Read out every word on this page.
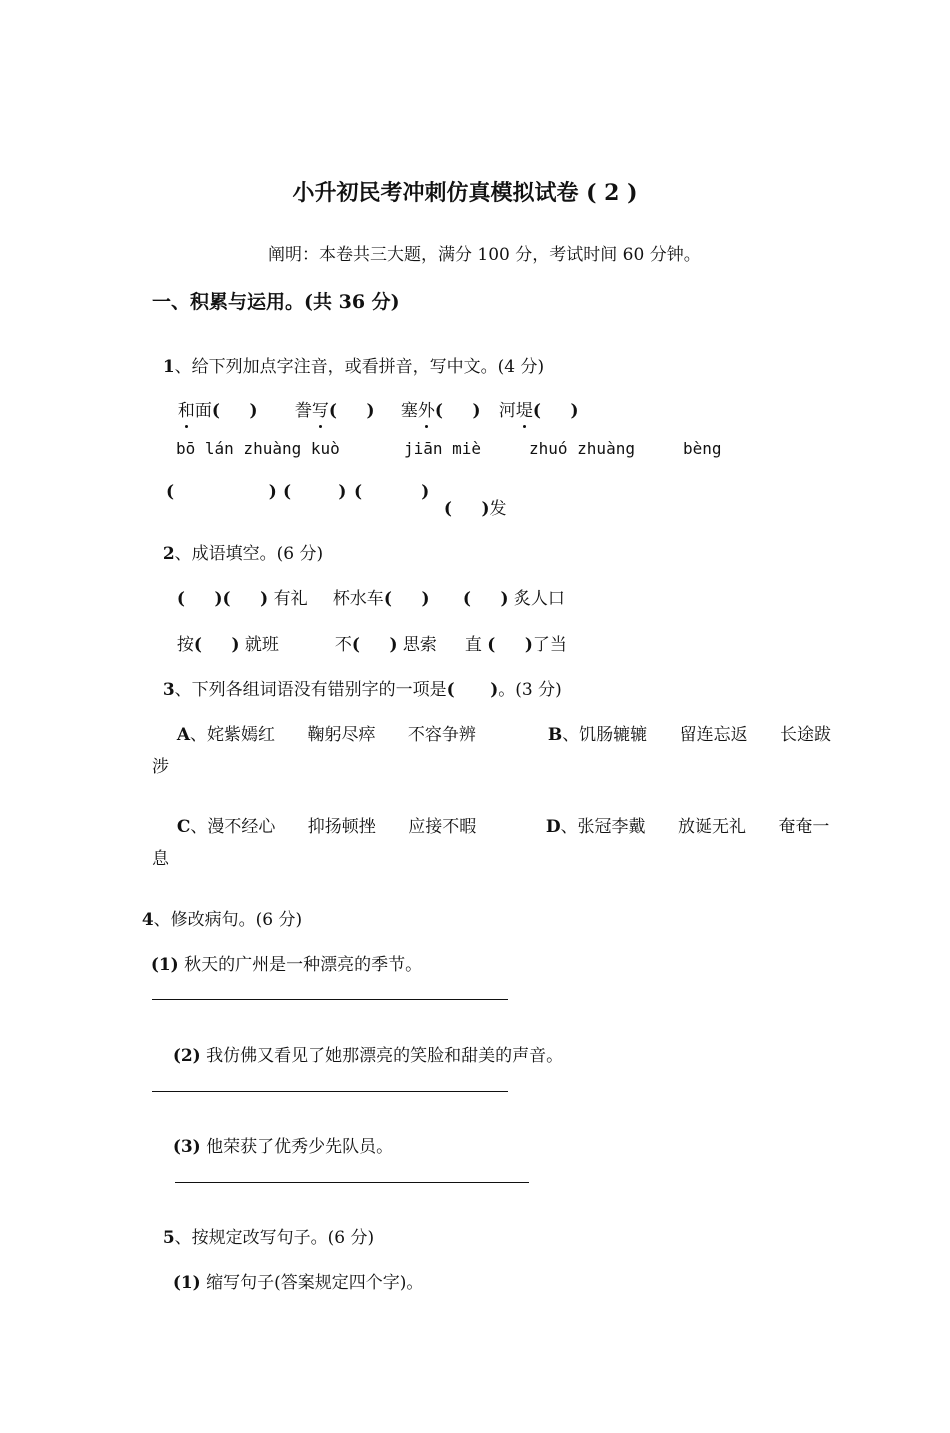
小升初民考冲刺仿真模拟试卷 ( 2 )
阐明：本卷共三大题，满分 100 分，考试时间 60 分钟。
一、积累与运用。(共 36 分)

1、给下列加点字注音，或看拼音，写中文。(4 分)

和面(     )	誊写(     )	塞外(     )	河堤(     )

bō lán zhuàng kuò	jiān miè	zhuó zhuàng	bèng
(                ) (        ) (          )

(     )发

2、成语填空。(6 分)

(     )(     ) 有礼	杯水车(     )	(     ) 炙人口

按(     ) 就班	不(     ) 思索	直 (     )了当

3、下列各组词语没有错别字的一项是(      )。(3 分)

A、姹紫嫣红      鞠躬尽瘁      不容争辨	B、饥肠辘辘      留连忘返      长途跋

涉

C、漫不经心      抑扬顿挫      应接不暇	D、张冠李戴      放诞无礼      奄奄一

息

4、修改病句。(6 分)

(1) 秋天的广州是一种漂亮的季节。

(2) 我仿佛又看见了她那漂亮的笑脸和甜美的声音。

(3) 他荣获了优秀少先队员。

5、按规定改写句子。(6 分)

(1) 缩写句子(答案规定四个字)。
